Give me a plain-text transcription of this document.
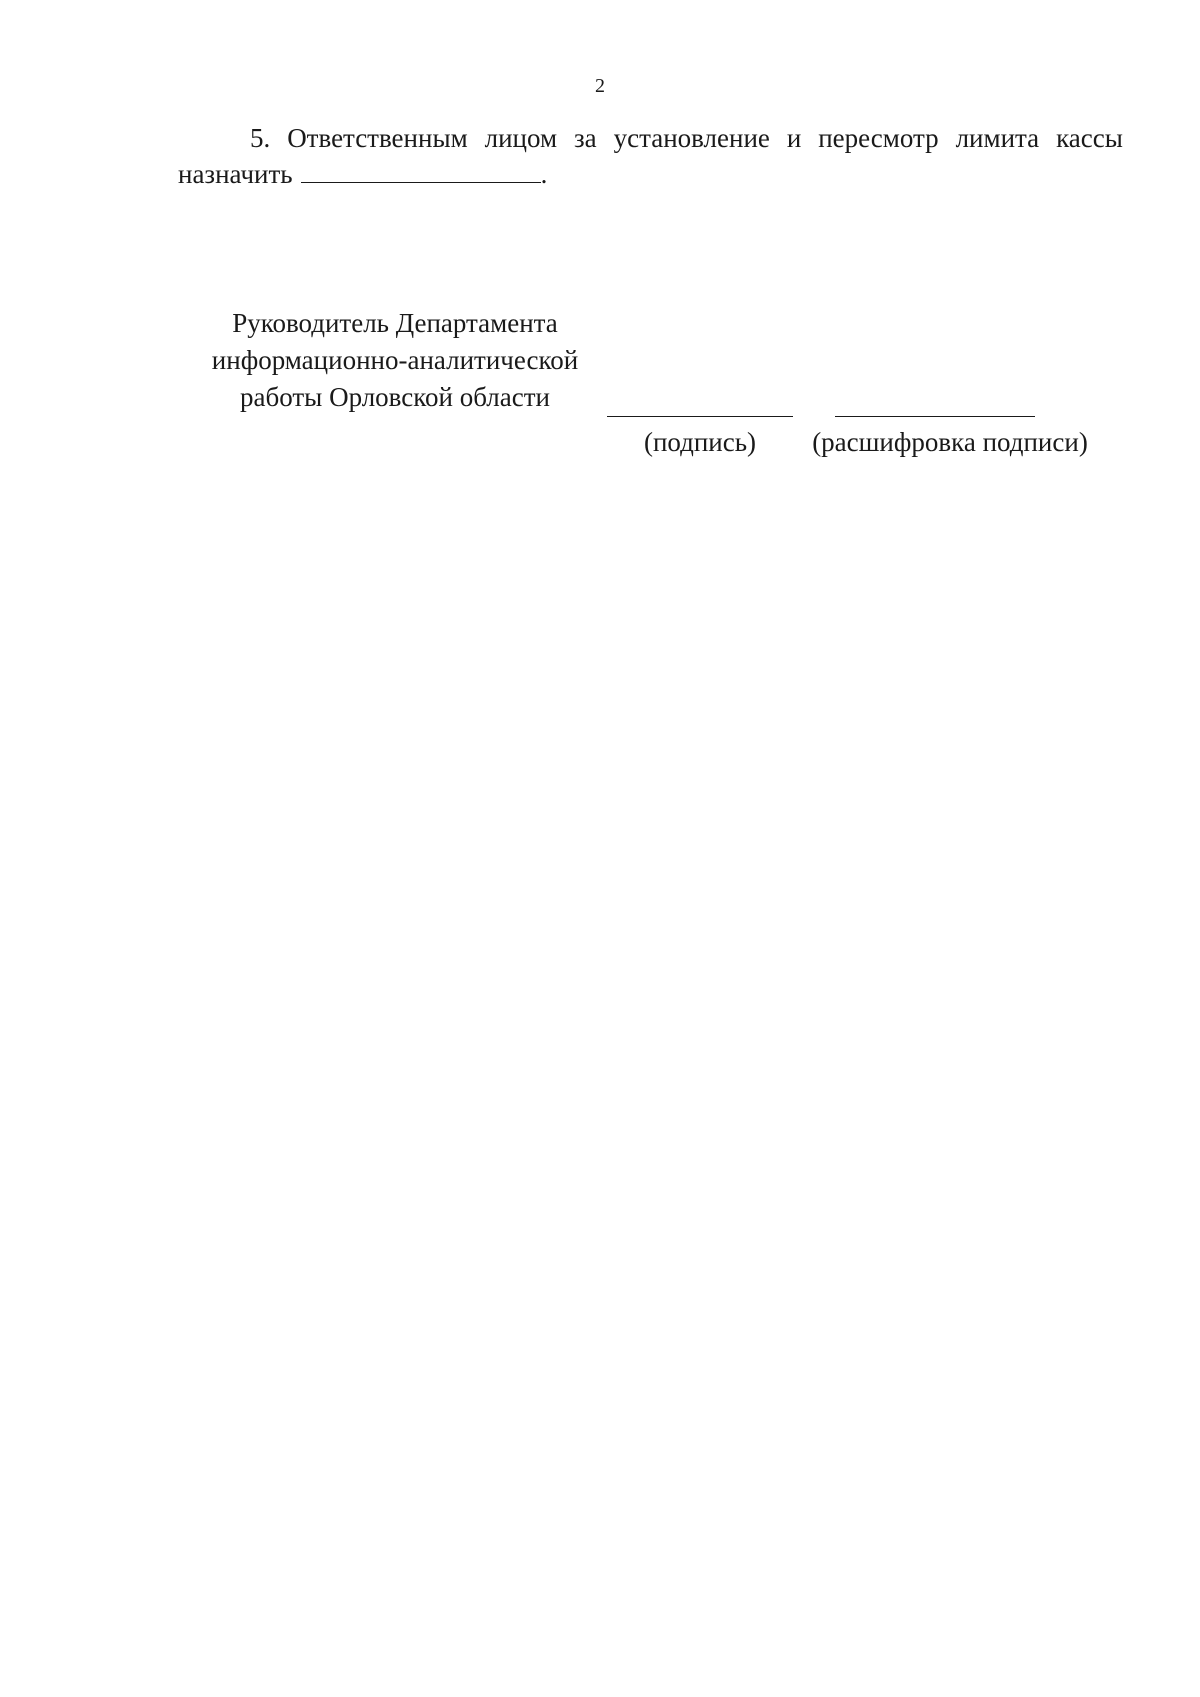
2
5. Ответственным лицом за установление и пересмотр лимита кассы
назначить	.
Руководитель Департамента
информационно-аналитической
работы Орловской области
(подпись)	(расшифровка подписи)
